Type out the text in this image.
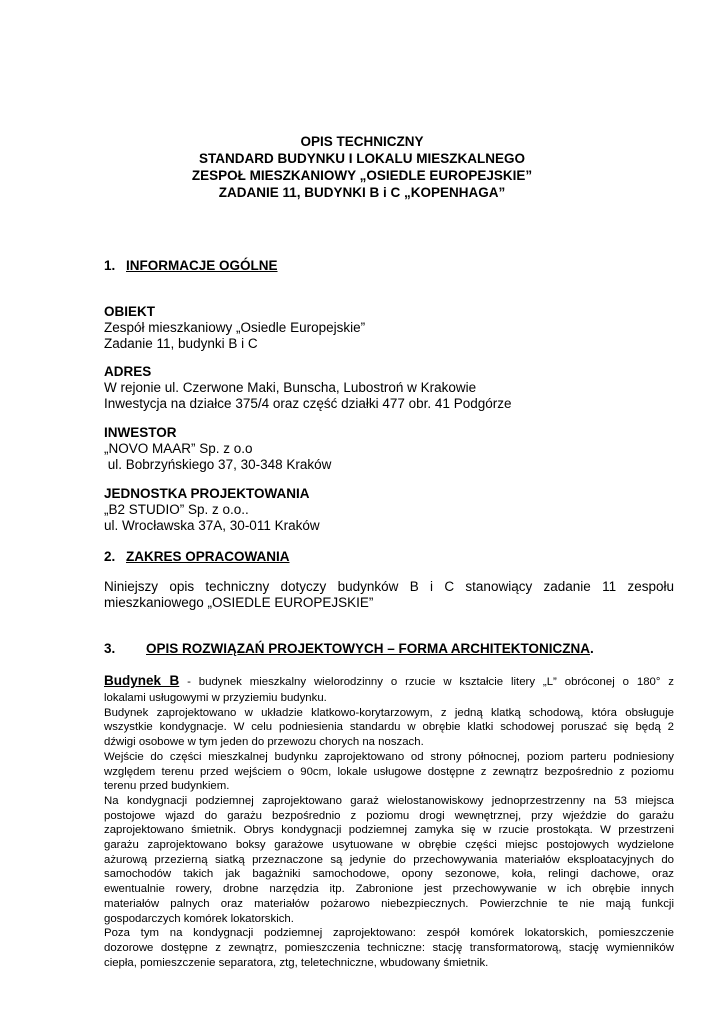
OPIS TECHNICZNY
STANDARD BUDYNKU I LOKALU MIESZKALNEGO
ZESPOŁ MIESZKANIOWY „OSIEDLE EUROPEJSKIE”
ZADANIE 11, BUDYNKI B i C „KOPENHAGA”
1. INFORMACJE OGÓLNE
OBIEKT
Zespół mieszkaniowy „Osiedle Europejskie”
Zadanie 11, budynki B i C
ADRES
W rejonie ul. Czerwone Maki, Bunscha, Lubostroń w Krakowie
Inwestycja na działce 375/4 oraz część działki 477 obr. 41 Podgórze
INWESTOR
„NOVO MAAR” Sp. z o.o
ul. Bobrzyńskiego 37, 30-348 Kraków
JEDNOSTKA PROJEKTOWANIA
„B2 STUDIO” Sp. z o.o..
ul. Wrocławska 37A, 30-011 Kraków
2. ZAKRES OPRACOWANIA
Niniejszy opis techniczny dotyczy budynków B i C stanowiący zadanie 11 zespołu
mieszkaniowego „OSIEDLE EUROPEJSKIE”
3. OPIS ROZWIĄZAŃ PROJEKTOWYCH – FORMA ARCHITEKTONICZNA.
Budynek B - budynek mieszkalny wielorodzinny o rzucie w kształcie litery „L” obróconej o 180° z
lokalami usługowymi w przyziemiu budynku.
Budynek zaprojektowano w układzie klatkowo-korytarzowym, z jedną klatką schodową, która obsługuje
wszystkie kondygnacje. W celu podniesienia standardu w obrębie klatki schodowej poruszać się będą 2
dźwigi osobowe w tym jeden do przewozu chorych na noszach.
Wejście do części mieszkalnej budynku zaprojektowano od strony północnej, poziom parteru podniesiony
względem terenu przed wejściem o 90cm, lokale usługowe dostępne z zewnątrz bezpośrednio z poziomu
terenu przed budynkiem.
Na kondygnacji podziemnej zaprojektowano garaż wielostanowiskowy jednoprzestrzenny na 53 miejsca
postojowe wjazd do garażu bezpośrednio z poziomu drogi wewnętrznej, przy wjeździe do garażu
zaprojektowano śmietnik. Obrys kondygnacji podziemnej zamyka się w rzucie prostokąta. W przestrzeni
garażu zaprojektowano boksy garażowe usytuowane w obrębie części miejsc postojowych wydzielone
ażurową przezierną siatką przeznaczone są jedynie do przechowywania materiałów eksploatacyjnych do
samochodów takich jak bagażniki samochodowe, opony sezonowe, koła, relingi dachowe, oraz
ewentualnie rowery, drobne narzędzia itp. Zabronione jest przechowywanie w ich obrębie innych
materiałów palnych oraz materiałów pożarowo niebezpiecznych. Powierzchnie te nie mają funkcji
gospodarczych komórek lokatorskich.
Poza tym na kondygnacji podziemnej zaprojektowano: zespół komórek lokatorskich, pomieszczenie
dozorowe dostępne z zewnątrz, pomieszczenia techniczne: stację transformatorową, stację wymienników
ciepła, pomieszczenie separatora, ztg, teletechniczne, wbudowany śmietnik.
